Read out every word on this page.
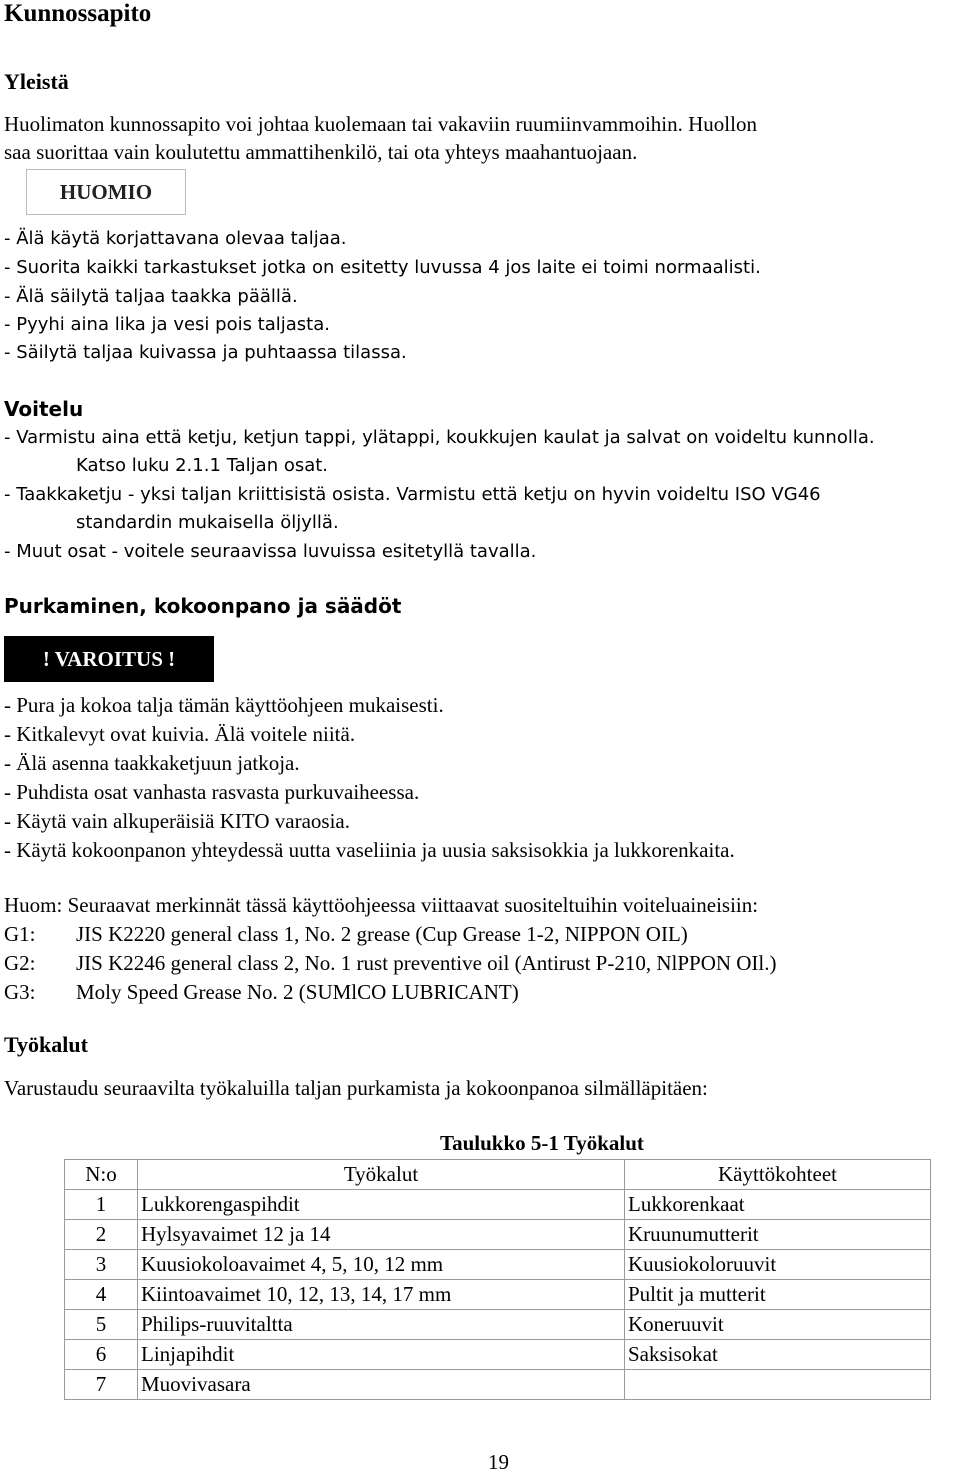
Kunnossapito
Yleistä
Huolimaton kunnossapito voi johtaa kuolemaan tai vakaviin ruumiinvammoihin. Huollon
saa suorittaa vain koulutettu ammattihenkilö, tai ota yhteys maahantuojaan.
HUOMIO
- Älä käytä korjattavana olevaa taljaa.
- Suorita kaikki tarkastukset jotka on esitetty luvussa 4 jos laite ei toimi normaalisti.
- Älä säilytä taljaa taakka päällä.
- Pyyhi aina lika ja vesi pois taljasta.
- Säilytä taljaa kuivassa ja puhtaassa tilassa.
Voitelu
- Varmistu aina että ketju, ketjun tappi, ylätappi, koukkujen kaulat ja salvat on voideltu kunnolla.
Katso luku 2.1.1 Taljan osat.
- Taakkaketju - yksi taljan kriittisistä osista. Varmistu että ketju on hyvin voideltu ISO VG46
standardin mukaisella öljyllä.
- Muut osat - voitele seuraavissa luvuissa esitetyllä tavalla.
Purkaminen, kokoonpano ja säädöt
! VAROITUS !
- Pura ja kokoa talja tämän käyttöohjeen mukaisesti.
- Kitkalevyt ovat kuivia. Älä voitele niitä.
- Älä asenna taakkaketjuun jatkoja.
- Puhdista osat vanhasta rasvasta purkuvaiheessa.
- Käytä vain alkuperäisiä KITO varaosia.
- Käytä kokoonpanon yhteydessä uutta vaseliinia ja uusia saksisokkia ja lukkorenkaita.
Huom: Seuraavat merkinnät tässä käyttöohjeessa viittaavat suositeltuihin voiteluaineisiin:
G1: JIS K2220 general class 1, No. 2 grease (Cup Grease 1-2, NIPPON OIL)
G2: JIS K2246 general class 2, No. 1 rust preventive oil (Antirust P-210, NlPPON OIl.)
G3: Moly Speed Grease No. 2 (SUMlCO LUBRICANT)
Työkalut
Varustaudu seuraavilta työkaluilla taljan purkamista ja kokoonpanoa silmälläpitäen:
Taulukko 5-1 Työkalut
N:o	Työkalut	Käyttökohteet
1	Lukkorengaspihdit	Lukkorenkaat
2	Hylsyavaimet 12 ja 14	Kruunumutterit
3	Kuusiokoloavaimet 4, 5, 10, 12 mm	Kuusiokoloruuvit
4	Kiintoavaimet 10, 12, 13, 14, 17 mm	Pultit ja mutterit
5	Philips-ruuvitaltta	Koneruuvit
6	Linjapihdit	Saksisokat
7	Muovivasara	
19
